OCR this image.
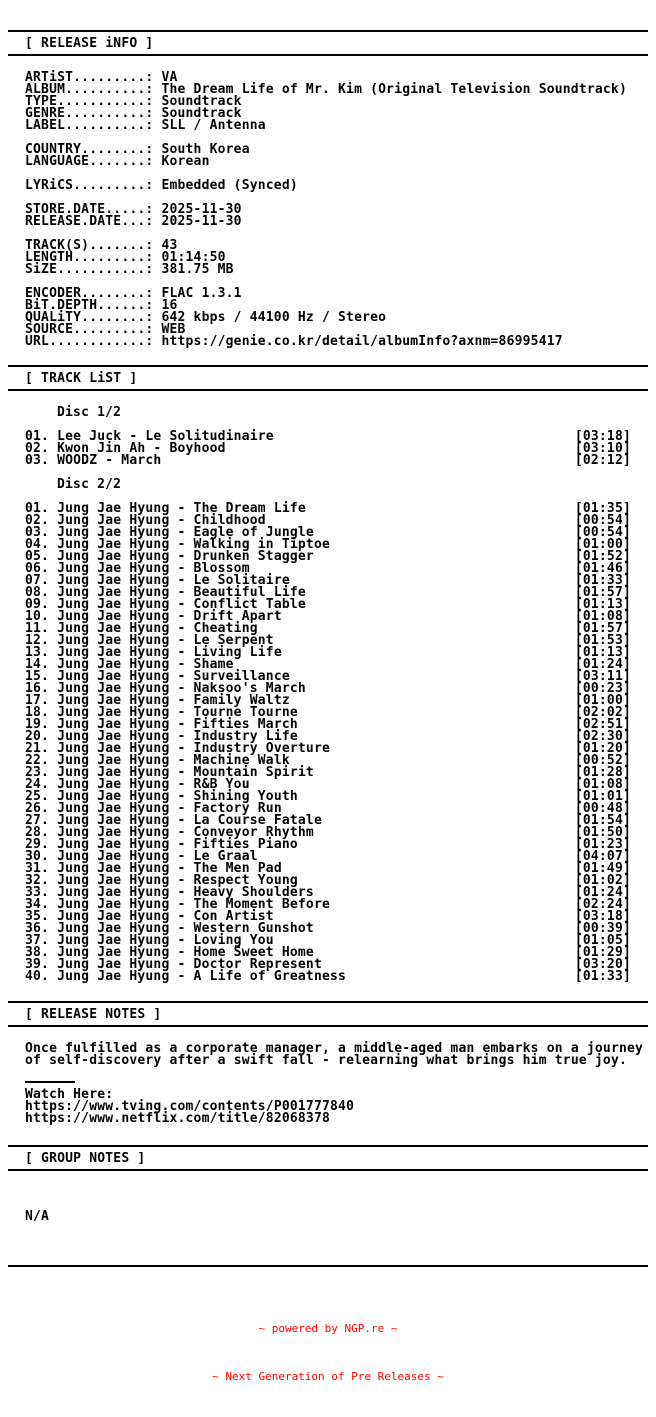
[ RELEASE iNFO ]
ARTiST.........: VA
ALBUM..........: The Dream Life of Mr. Kim (Original Television Soundtrack)
TYPE...........: Soundtrack
GENRE..........: Soundtrack
LABEL..........: SLL / Antenna
COUNTRY........: South Korea
LANGUAGE.......: Korean
LYRiCS.........: Embedded (Synced)
STORE.DATE.....: 2025-11-30
RELEASE.DATE...: 2025-11-30
TRACK(S).......: 43
LENGTH.........: 01:14:50
SiZE...........: 381.75 MB
ENCODER........: FLAC 1.3.1
BiT.DEPTH......: 16
QUALiTY........: 642 kbps / 44100 Hz / Stereo
SOURCE.........: WEB
URL............: https://genie.co.kr/detail/albumInfo?axnm=86995417
[ TRACK LiST ]
Disc 1/2
01. Lee Juck - Le Solitudinaire	[03:18]
02. Kwon Jin Ah - Boyhood	[03:10]
03. WOODZ - March	[02:12]
Disc 2/2
01. Jung Jae Hyung - The Dream Life	[01:35]
02. Jung Jae Hyung - Childhood	[00:54]
03. Jung Jae Hyung - Eagle of Jungle	[00:54]
04. Jung Jae Hyung - Walking in Tiptoe	[01:00]
05. Jung Jae Hyung - Drunken Stagger	[01:52]
06. Jung Jae Hyung - Blossom	[01:46]
07. Jung Jae Hyung - Le Solitaire	[01:33]
08. Jung Jae Hyung - Beautiful Life	[01:57]
09. Jung Jae Hyung - Conflict Table	[01:13]
10. Jung Jae Hyung - Drift Apart	[01:08]
11. Jung Jae Hyung - Cheating	[01:57]
12. Jung Jae Hyung - Le Serpent	[01:53]
13. Jung Jae Hyung - Living Life	[01:13]
14. Jung Jae Hyung - Shame	[01:24]
15. Jung Jae Hyung - Surveillance	[03:11]
16. Jung Jae Hyung - Naksoo's March	[00:23]
17. Jung Jae Hyung - Family Waltz	[01:00]
18. Jung Jae Hyung - Tourne Tourne	[02:02]
19. Jung Jae Hyung - Fifties March	[02:51]
20. Jung Jae Hyung - Industry Life	[02:30]
21. Jung Jae Hyung - Industry Overture	[01:20]
22. Jung Jae Hyung - Machine Walk	[00:52]
23. Jung Jae Hyung - Mountain Spirit	[01:28]
24. Jung Jae Hyung - R&B You	[01:08]
25. Jung Jae Hyung - Shining Youth	[01:01]
26. Jung Jae Hyung - Factory Run	[00:48]
27. Jung Jae Hyung - La Course Fatale	[01:54]
28. Jung Jae Hyung - Conveyor Rhythm	[01:50]
29. Jung Jae Hyung - Fifties Piano	[01:23]
30. Jung Jae Hyung - Le Graal	[04:07]
31. Jung Jae Hyung - The Men Pad	[01:49]
32. Jung Jae Hyung - Respect Young	[01:02]
33. Jung Jae Hyung - Heavy Shoulders	[01:24]
34. Jung Jae Hyung - The Moment Before	[02:24]
35. Jung Jae Hyung - Con Artist	[03:18]
36. Jung Jae Hyung - Western Gunshot	[00:39]
37. Jung Jae Hyung - Loving You	[01:05]
38. Jung Jae Hyung - Home Sweet Home	[01:29]
39. Jung Jae Hyung - Doctor Represent	[03:20]
40. Jung Jae Hyung - A Life of Greatness	[01:33]
[ RELEASE NOTES ]
Once fulfilled as a corporate manager, a middle-aged man embarks on a journey
of self-discovery after a swift fall - relearning what brings him true joy.
Watch Here:
https://www.tving.com/contents/P001777840
https://www.netflix.com/title/82068378
[ GROUP NOTES ]

N/A

~ powered by NGP.re ~

~ Next Generation of Pre Releases ~
